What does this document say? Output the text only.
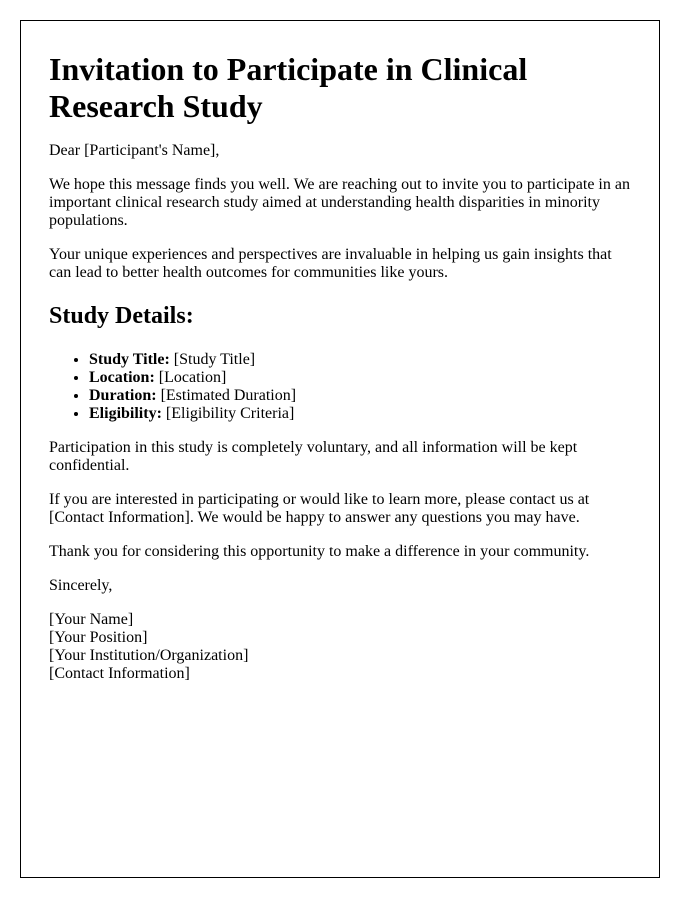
Invitation to Participate in Clinical Research Study

Dear [Participant's Name],

We hope this message finds you well. We are reaching out to invite you to participate in an important clinical research study aimed at understanding health disparities in minority populations.

Your unique experiences and perspectives are invaluable in helping us gain insights that can lead to better health outcomes for communities like yours.

Study Details:
• Study Title: [Study Title]
• Location: [Location]
• Duration: [Estimated Duration]
• Eligibility: [Eligibility Criteria]

Participation in this study is completely voluntary, and all information will be kept confidential.

If you are interested in participating or would like to learn more, please contact us at [Contact Information]. We would be happy to answer any questions you may have.

Thank you for considering this opportunity to make a difference in your community.

Sincerely,

[Your Name]
[Your Position]
[Your Institution/Organization]
[Contact Information]
